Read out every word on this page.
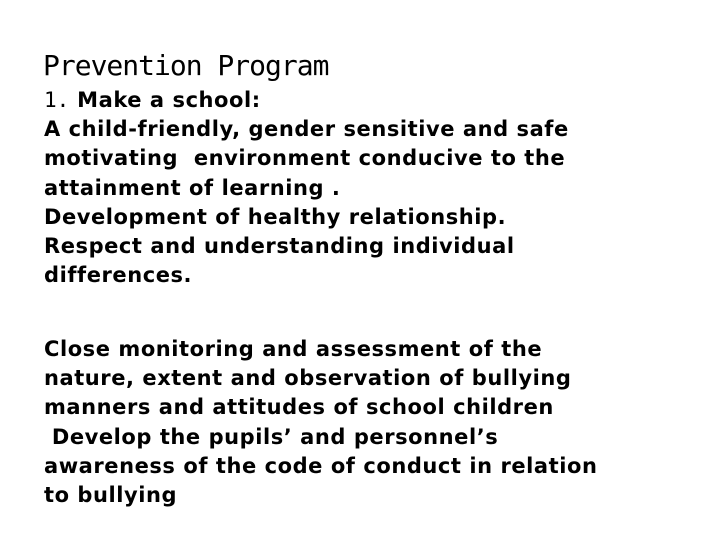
Prevention Program
1. Make a school:
A child-friendly, gender sensitive and safe
motivating  environment conducive to the
attainment of learning .
Development of healthy relationship.
Respect and understanding individual
differences.
Close monitoring and assessment of the
nature, extent and observation of bullying
manners and attitudes of school children
Develop the pupils’ and personnel’s
awareness of the code of conduct in relation
to bullying
